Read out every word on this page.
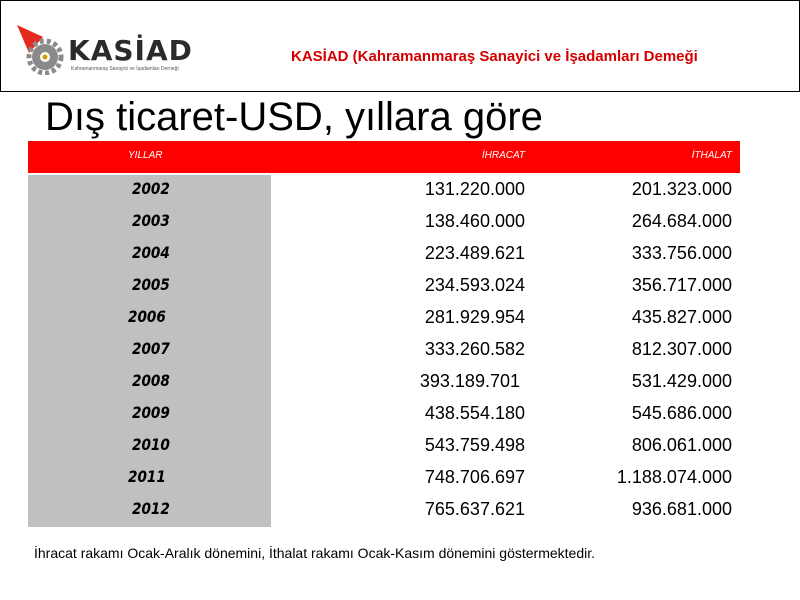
KASİAD
Kahramanmaraş Sanayici ve İşadamları Derneği
KASİAD (Kahramanmaraş Sanayici ve İşadamları Demeği
Dış ticaret-USD, yıllara göre
YILLAR	İHRACAT	İTHALAT
2002	131.220.000	201.323.000
2003	138.460.000	264.684.000
2004	223.489.621	333.756.000
2005	234.593.024	356.717.000
2006	281.929.954	435.827.000
2007	333.260.582	812.307.000
2008	393.189.701	531.429.000
2009	438.554.180	545.686.000
2010	543.759.498	806.061.000
2011	748.706.697	1.188.074.000
2012	765.637.621	936.681.000
İhracat rakamı Ocak-Aralık dönemini, İthalat rakamı Ocak-Kasım dönemini göstermektedir.
